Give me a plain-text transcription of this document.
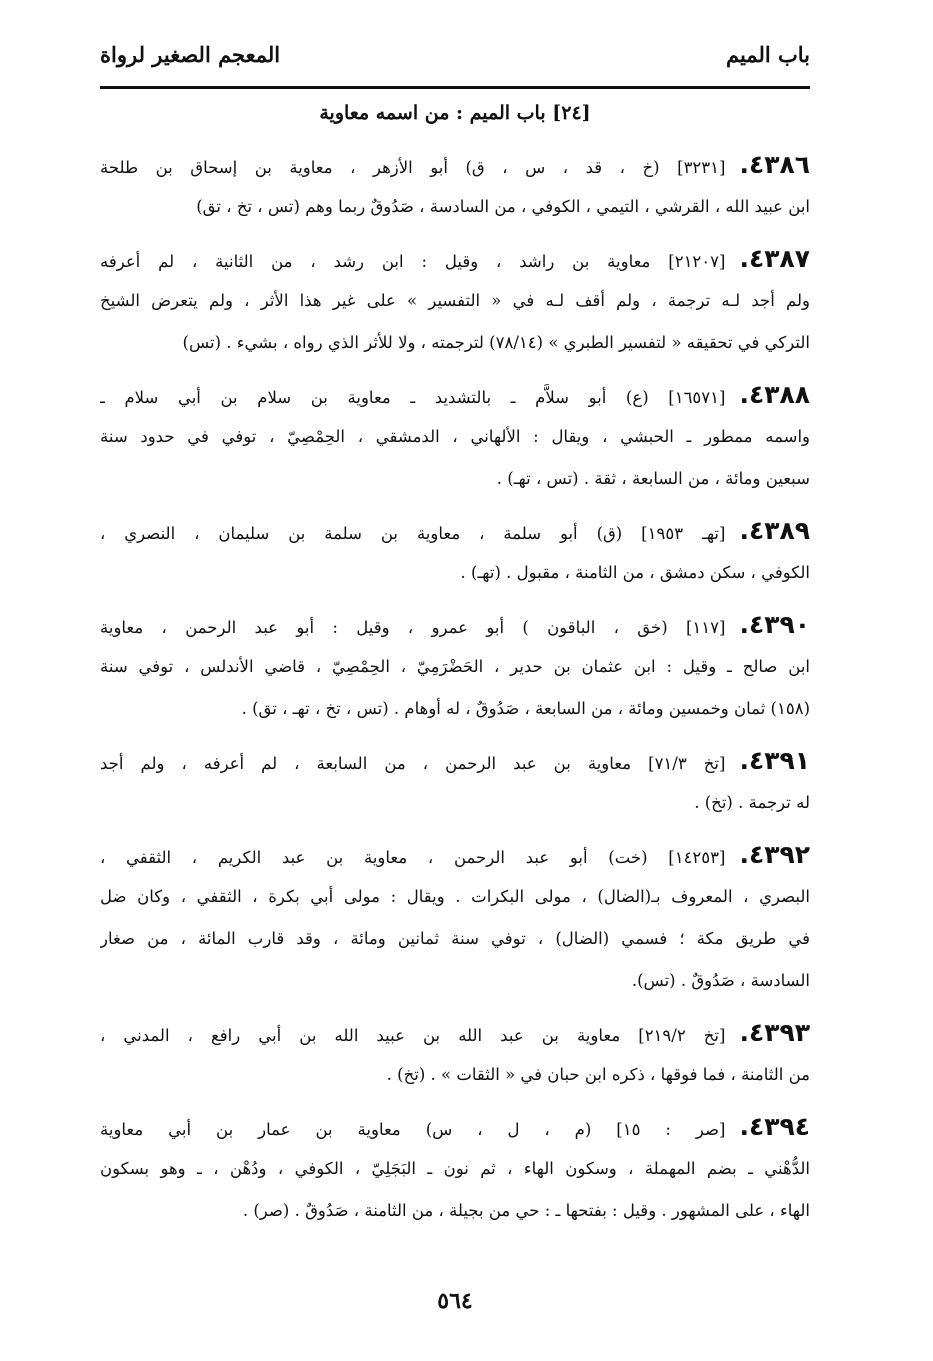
باب الميم
المعجم الصغير لرواة
[٢٤] باب الميم : من اسمه معاوية
٤٣٨٦.[٣٢٣١] (خ ، قد ، س ، ق) أبو الأزهر ، معاوية بن إسحاق بن طلحة
ابن عبيد الله ، القرشي ، التيمي ، الكوفي ، من السادسة ، صَدُوقٌ ربما وهم (تس ، تخ ، تق)
٤٣٨٧.[٢١٢٠٧] معاوية بن راشد ، وقيل : ابن رشد ، من الثانية ، لم أعرفه
ولم أجد لـه ترجمة ، ولم أقف لـه في « التفسير » على غير هذا الأثر ، ولم يتعرض الشيخ
التركي في تحقيقه « لتفسير الطبري » (٧٨/١٤) لترجمته ، ولا للأثر الذي رواه ، بشيء . (تس)
٤٣٨٨.[١٦٥٧١] (ع) أبو سلاَّم ـ بالتشديد ـ معاوية بن سلام بن أبي سلام ـ
واسمه ممطور ـ الحبشي ، ويقال : الألهاني ، الدمشقي ، الحِمْصِيّ ، توفي في حدود سنة
سبعين ومائة ، من السابعة ، ثقة . (تس ، تهـ) .
٤٣٨٩.[تهـ ١٩٥٣] (ق) أبو سلمة ، معاوية بن سلمة بن سليمان ، النصري ،
الكوفي ، سكن دمشق ، من الثامنة ، مقبول . (تهـ) .
٤٣٩٠.[١١٧] (خق ، الباقون ) أبو عمرو ، وقيل : أبو عبد الرحمن ، معاوية
ابن صالح ـ وقيل : ابن عثمان بن حدير ، الحَضْرَمِيّ ، الحِمْصِيّ ، قاضي الأندلس ، توفي سنة
(١٥٨) ثمان وخمسين ومائة ، من السابعة ، صَدُوقٌ ، له أوهام . (تس ، تخ ، تهـ ، تق) .
٤٣٩١.[تخ ٧١/٣] معاوية بن عبد الرحمن ، من السابعة ، لم أعرفه ، ولم أجد
له ترجمة . (تخ) .
٤٣٩٢.[١٤٢٥٣] (خت) أبو عبد الرحمن ، معاوية بن عبد الكريم ، الثقفي ،
البصري ، المعروف بـ(الضال) ، مولى البكرات . ويقال : مولى أبي بكرة ، الثقفي ، وكان ضل
في طريق مكة ؛ فسمي (الضال) ، توفي سنة ثمانين ومائة ، وقد قارب المائة ، من صغار
السادسة ، صَدُوقٌ . (تس).
٤٣٩٣.[تخ ٢١٩/٢] معاوية بن عبد الله بن عبيد الله بن أبي رافع ، المدني ،
من الثامنة ، فما فوقها ، ذكره ابن حبان في « الثقات » . (تخ) .
٤٣٩٤.[صر : ١٥] (م ، ل ، س) معاوية بن عمار بن أبي معاوية
الدُّهْني ـ بضم المهملة ، وسكون الهاء ، ثم نون ـ البَجَلِيّ ، الكوفي ، ودُهْن ، ـ وهو بسكون
الهاء ، على المشهور . وقيل : بفتحها ـ : حي من بجيلة ، من الثامنة ، صَدُوقٌ . (صر) .
٥٦٤
